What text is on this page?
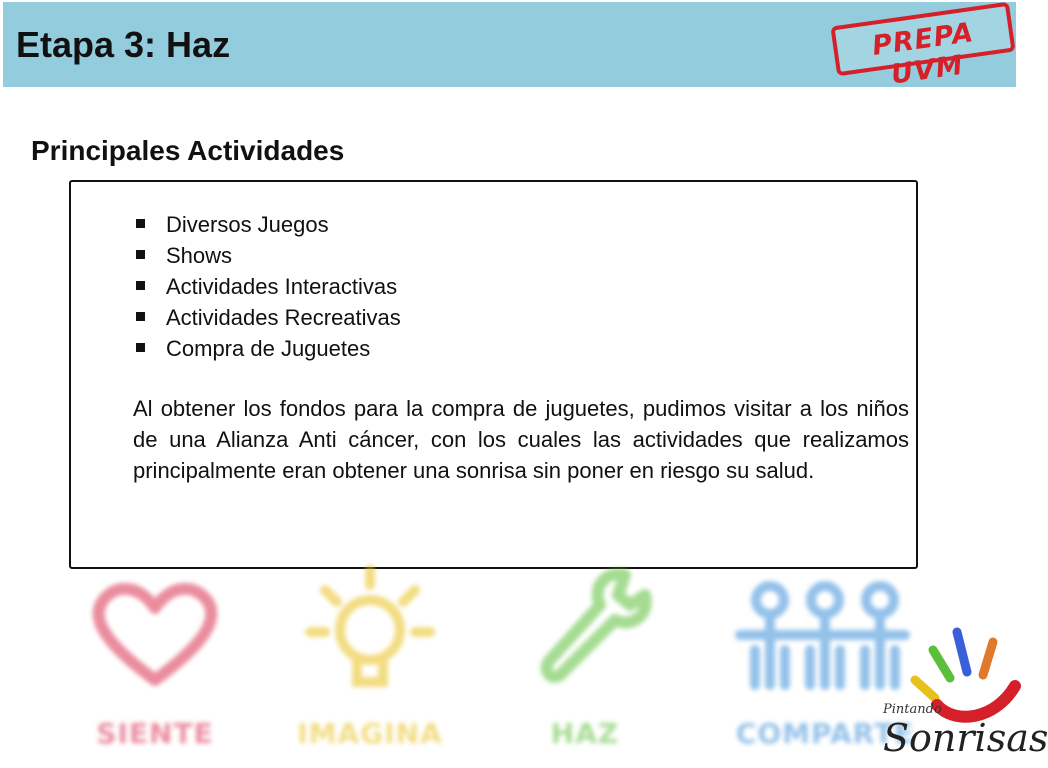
Etapa 3: Haz	PREPA UVM
Principales Actividades
Diversos Juegos
Shows
Actividades Interactivas
Actividades Recreativas
Compra de Juguetes
Al obtener los fondos para la compra de juguetes, pudimos visitar a los niños de una Alianza Anti cáncer, con los cuales las actividades que realizamos principalmente eran obtener una sonrisa sin poner en riesgo su salud.
SIENTE	IMAGINA	HAZ	COMPARTE
Pintando
Sonrisas
